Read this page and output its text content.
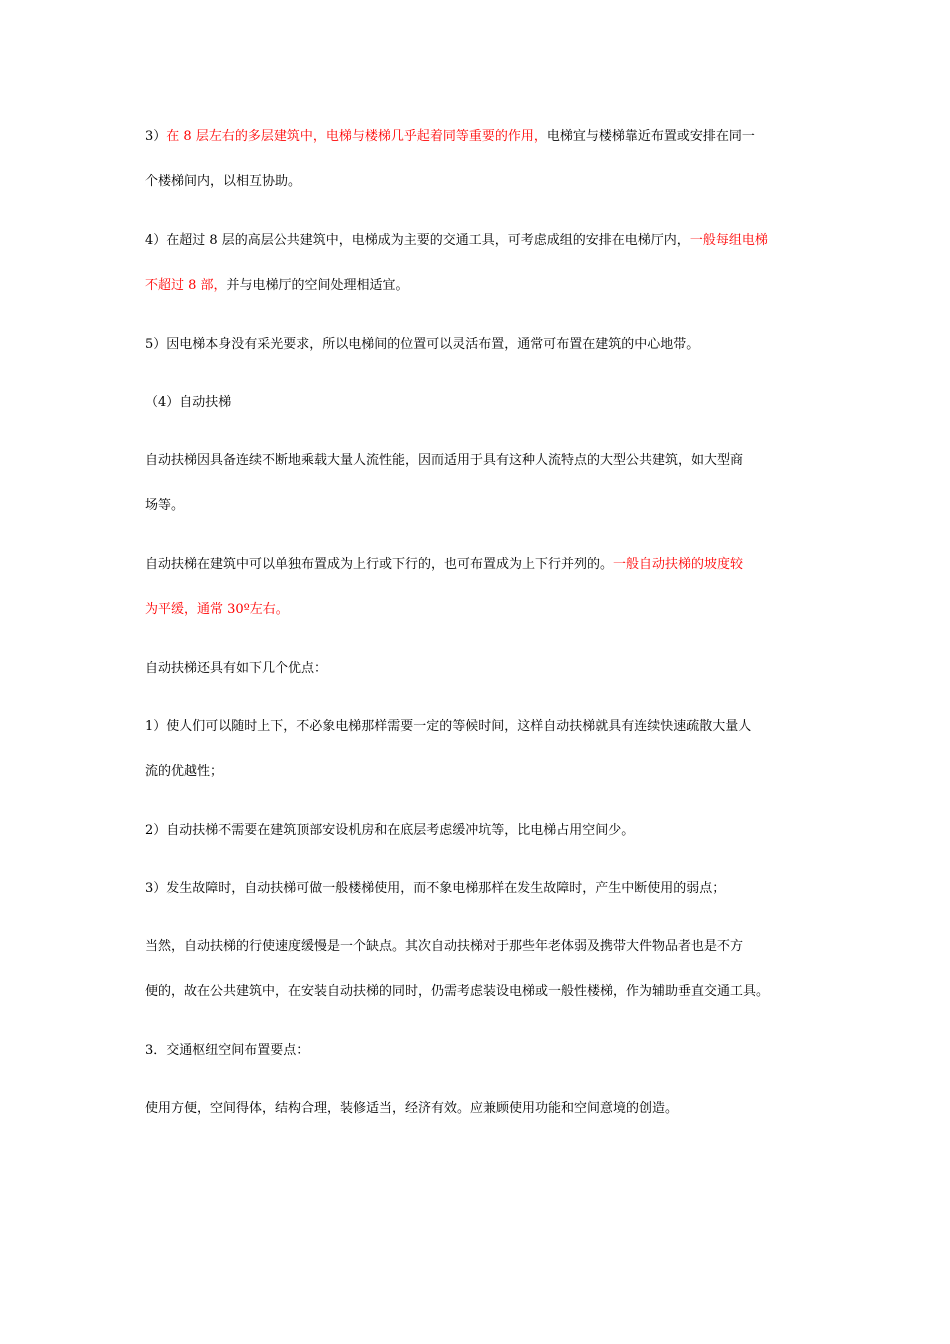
3）在 8 层左右的多层建筑中，电梯与楼梯几乎起着同等重要的作用，电梯宜与楼梯靠近布置或安排在同一
个楼梯间内，以相互协助。
4）在超过 8 层的高层公共建筑中，电梯成为主要的交通工具，可考虑成组的安排在电梯厅内，一般每组电梯
不超过 8 部，并与电梯厅的空间处理相适宜。
5）因电梯本身没有采光要求，所以电梯间的位置可以灵活布置，通常可布置在建筑的中心地带。
（4）自动扶梯
自动扶梯因具备连续不断地乘载大量人流性能，因而适用于具有这种人流特点的大型公共建筑，如大型商
场等。
自动扶梯在建筑中可以单独布置成为上行或下行的，也可布置成为上下行并列的。一般自动扶梯的坡度较
为平缓，通常 30º左右。
自动扶梯还具有如下几个优点：
1）使人们可以随时上下，不必象电梯那样需要一定的等候时间，这样自动扶梯就具有连续快速疏散大量人
流的优越性；
2）自动扶梯不需要在建筑顶部安设机房和在底层考虑缓冲坑等，比电梯占用空间少。
3）发生故障时，自动扶梯可做一般楼梯使用，而不象电梯那样在发生故障时，产生中断使用的弱点；
当然，自动扶梯的行使速度缓慢是一个缺点。其次自动扶梯对于那些年老体弱及携带大件物品者也是不方
便的，故在公共建筑中，在安装自动扶梯的同时，仍需考虑装设电梯或一般性楼梯，作为辅助垂直交通工具。
3．交通枢纽空间布置要点：
使用方便，空间得体，结构合理，装修适当，经济有效。应兼顾使用功能和空间意境的创造。
